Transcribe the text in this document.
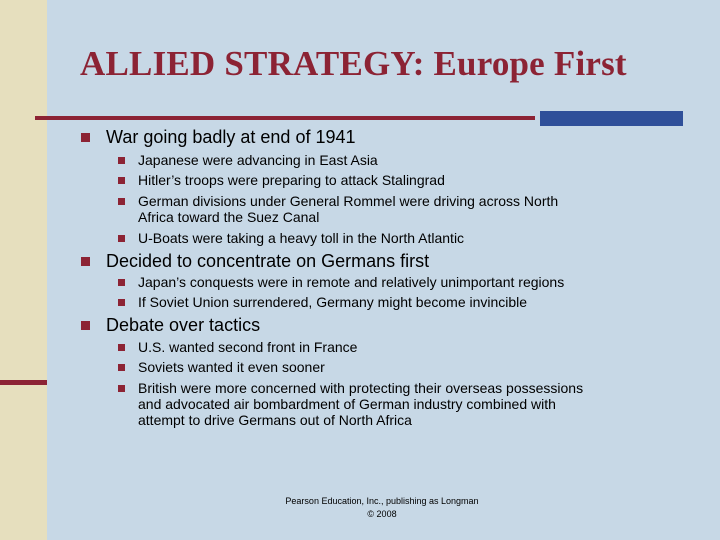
ALLIED STRATEGY: Europe First
War going badly at end of 1941
Japanese were advancing in East Asia
Hitler’s troops were preparing to attack Stalingrad
German divisions under General Rommel were driving across North
Africa toward the Suez Canal
U-Boats were taking a heavy toll in the North Atlantic
Decided to concentrate on Germans first
Japan’s conquests were in remote and relatively unimportant regions
If Soviet Union surrendered, Germany might become invincible
Debate over tactics
U.S. wanted second front in France
Soviets wanted it even sooner
British were more concerned with protecting their overseas possessions
and advocated air bombardment of German industry combined with
attempt to drive Germans out of North Africa
Pearson Education, Inc., publishing as Longman
© 2008
